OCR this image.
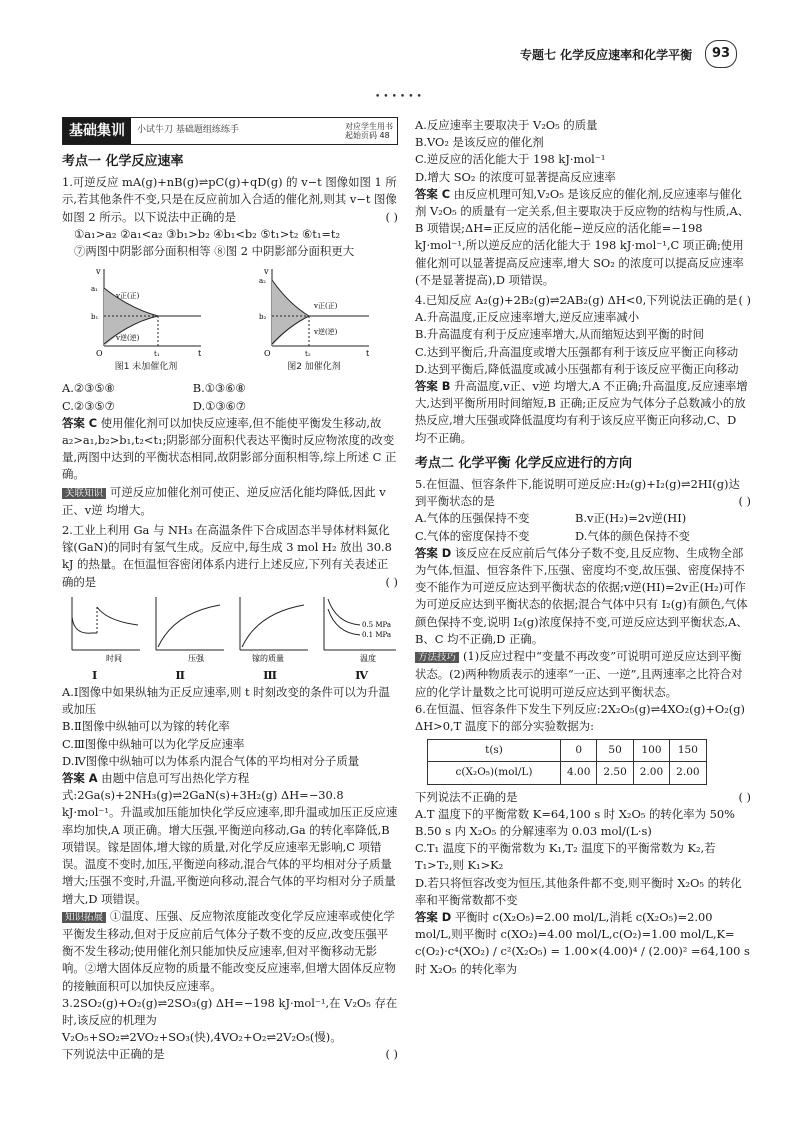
专题七 化学反应速率和化学平衡	93
••••••
基础集训	小试牛刀 基础题组练练手	对应学生用书
起始页码 48
考点一 化学反应速率

1.可逆反应 mA(g)+nB(g)⇌pC(g)+qD(g) 的 v−t 图像如图 1 所示,若其他条件不变,只是在反应前加入合适的催化剂,则其 v−t 图像如图 2 所示。以下说法中正确的是	( )

①a₁>a₂ ②a₁<a₂ ③b₁>b₂ ④b₁<b₂ ⑤t₁>t₂ ⑥t₁=t₂

⑦两图中阴影部分面积相等 ⑧图 2 中阴影部分面积更大

v
t
O
a₁
b₁
t₁
v正(正)
v逆(逆)
图1 未加催化剂
v
t
O
a₂
b₂
t₂
v正(正)
v逆(逆)
图2 加催化剂

A.②③⑤⑧	B.①③⑥⑧

C.②③⑤⑦	D.①③⑥⑦

答案 C 使用催化剂可以加快反应速率,但不能使平衡发生移动,故 a₂>a₁,b₂>b₁,t₂<t₁;阴影部分面积代表达平衡时反应物浓度的改变量,两图中达到的平衡状态相同,故阴影部分面积相等,综上所述 C 正确。

关联知识 可逆反应加催化剂可使正、逆反应活化能均降低,因此 v正、v逆 均增大。

2.工业上利用 Ga 与 NH₃ 在高温条件下合成固态半导体材料氮化镓(GaN)的同时有氢气生成。反应中,每生成 3 mol H₂ 放出 30.8 kJ 的热量。在恒温恒容密闭体系内进行上述反应,下列有关表述正确的是	( )

时间	压强	镓的质量
0.5 MPa
0.1 MPa
温度
Ⅰ	Ⅱ	Ⅲ	Ⅳ

A.Ⅰ图像中如果纵轴为正反应速率,则 t 时刻改变的条件可以为升温或加压

B.Ⅱ图像中纵轴可以为镓的转化率

C.Ⅲ图像中纵轴可以为化学反应速率

D.Ⅳ图像中纵轴可以为体系内混合气体的平均相对分子质量

答案 A 由题中信息可写出热化学方程式:2Ga(s)+2NH₃(g)⇌2GaN(s)+3H₂(g) ΔH=−30.8 kJ·mol⁻¹。升温或加压能加快化学反应速率,即升温或加压正反应速率均加快,A 项正确。增大压强,平衡逆向移动,Ga 的转化率降低,B 项错误。镓是固体,增大镓的质量,对化学反应速率无影响,C 项错误。温度不变时,加压,平衡逆向移动,混合气体的平均相对分子质量增大;压强不变时,升温,平衡逆向移动,混合气体的平均相对分子质量增大,D 项错误。

知识拓展 ①温度、压强、反应物浓度能改变化学反应速率或使化学平衡发生移动,但对于反应前后气体分子数不变的反应,改变压强平衡不发生移动;使用催化剂只能加快反应速率,但对平衡移动无影响。②增大固体反应物的质量不能改变反应速率,但增大固体反应物的接触面积可以加快反应速率。

3.2SO₂(g)+O₂(g)⇌2SO₃(g) ΔH=−198 kJ·mol⁻¹,在 V₂O₅ 存在时,该反应的机理为 V₂O₅+SO₂⇌2VO₂+SO₃(快),4VO₂+O₂⇌2V₂O₅(慢)。

下列说法中正确的是	( )

A.反应速率主要取决于 V₂O₅ 的质量

B.VO₂ 是该反应的催化剂

C.逆反应的活化能大于 198 kJ·mol⁻¹

D.增大 SO₂ 的浓度可显著提高反应速率

答案 C 由反应机理可知,V₂O₅ 是该反应的催化剂,反应速率与催化剂 V₂O₅ 的质量有一定关系,但主要取决于反应物的结构与性质,A、B 项错误;ΔH=正反应的活化能−逆反应的活化能=−198 kJ·mol⁻¹,所以逆反应的活化能大于 198 kJ·mol⁻¹,C 项正确;使用催化剂可以显著提高反应速率,增大 SO₂ 的浓度可以提高反应速率(不是显著提高),D 项错误。

4.已知反应 A₂(g)+2B₂(g)⇌2AB₂(g) ΔH<0,下列说法正确的是 ( )

A.升高温度,正反应速率增大,逆反应速率减小

B.升高温度有利于反应速率增大,从而缩短达到平衡的时间

C.达到平衡后,升高温度或增大压强都有利于该反应平衡正向移动

D.达到平衡后,降低温度或减小压强都有利于该反应平衡正向移动

答案 B 升高温度,v正、v逆 均增大,A 不正确;升高温度,反应速率增大,达到平衡所用时间缩短,B 正确;正反应为气体分子总数减小的放热反应,增大压强或降低温度均有利于该反应平衡正向移动,C、D 均不正确。

考点二 化学平衡 化学反应进行的方向

5.在恒温、恒容条件下,能说明可逆反应:H₂(g)+I₂(g)⇌2HI(g)达到平衡状态的是	( )

A.气体的压强保持不变	B.v正(H₂)=2v逆(HI)

C.气体的密度保持不变	D.气体的颜色保持不变

答案 D 该反应在反应前后气体分子数不变,且反应物、生成物全部为气体,恒温、恒容条件下,压强、密度均不变,故压强、密度保持不变不能作为可逆反应达到平衡状态的依据;v逆(HI)=2v正(H₂)可作为可逆反应达到平衡状态的依据;混合气体中只有 I₂(g)有颜色,气体颜色保持不变,说明 I₂(g)浓度保持不变,可逆反应达到平衡状态,A、B、C 均不正确,D 正确。

方法技巧 (1)反应过程中“变量不再改变”可说明可逆反应达到平衡状态。(2)两种物质表示的速率“一正、一逆”,且两速率之比符合对应的化学计量数之比可说明可逆反应达到平衡状态。

6.在恒温、恒容条件下发生下列反应:2X₂O₅(g)⇌4XO₂(g)+O₂(g) ΔH>0,T 温度下的部分实验数据为:

t(s)	0	50	100	150
c(X₂O₅)(mol/L)	4.00	2.50	2.00	2.00

下列说法不正确的是	( )

A.T 温度下的平衡常数 K=64,100 s 时 X₂O₅ 的转化率为 50%

B.50 s 内 X₂O₅ 的分解速率为 0.03 mol/(L·s)

C.T₁ 温度下的平衡常数为 K₁,T₂ 温度下的平衡常数为 K₂,若 T₁>T₂,则 K₁>K₂

D.若只将恒容改变为恒压,其他条件都不变,则平衡时 X₂O₅ 的转化率和平衡常数都不变

答案 D 平衡时 c(X₂O₅)=2.00 mol/L,消耗 c(X₂O₅)=2.00 mol/L,则平衡时 c(XO₂)=4.00 mol/L,c(O₂)=1.00 mol/L,K=

c(O₂)·c⁴(XO₂) / c²(X₂O₅) = 1.00×(4.00)⁴ / (2.00)² =64,100 s 时 X₂O₅ 的转化率为
